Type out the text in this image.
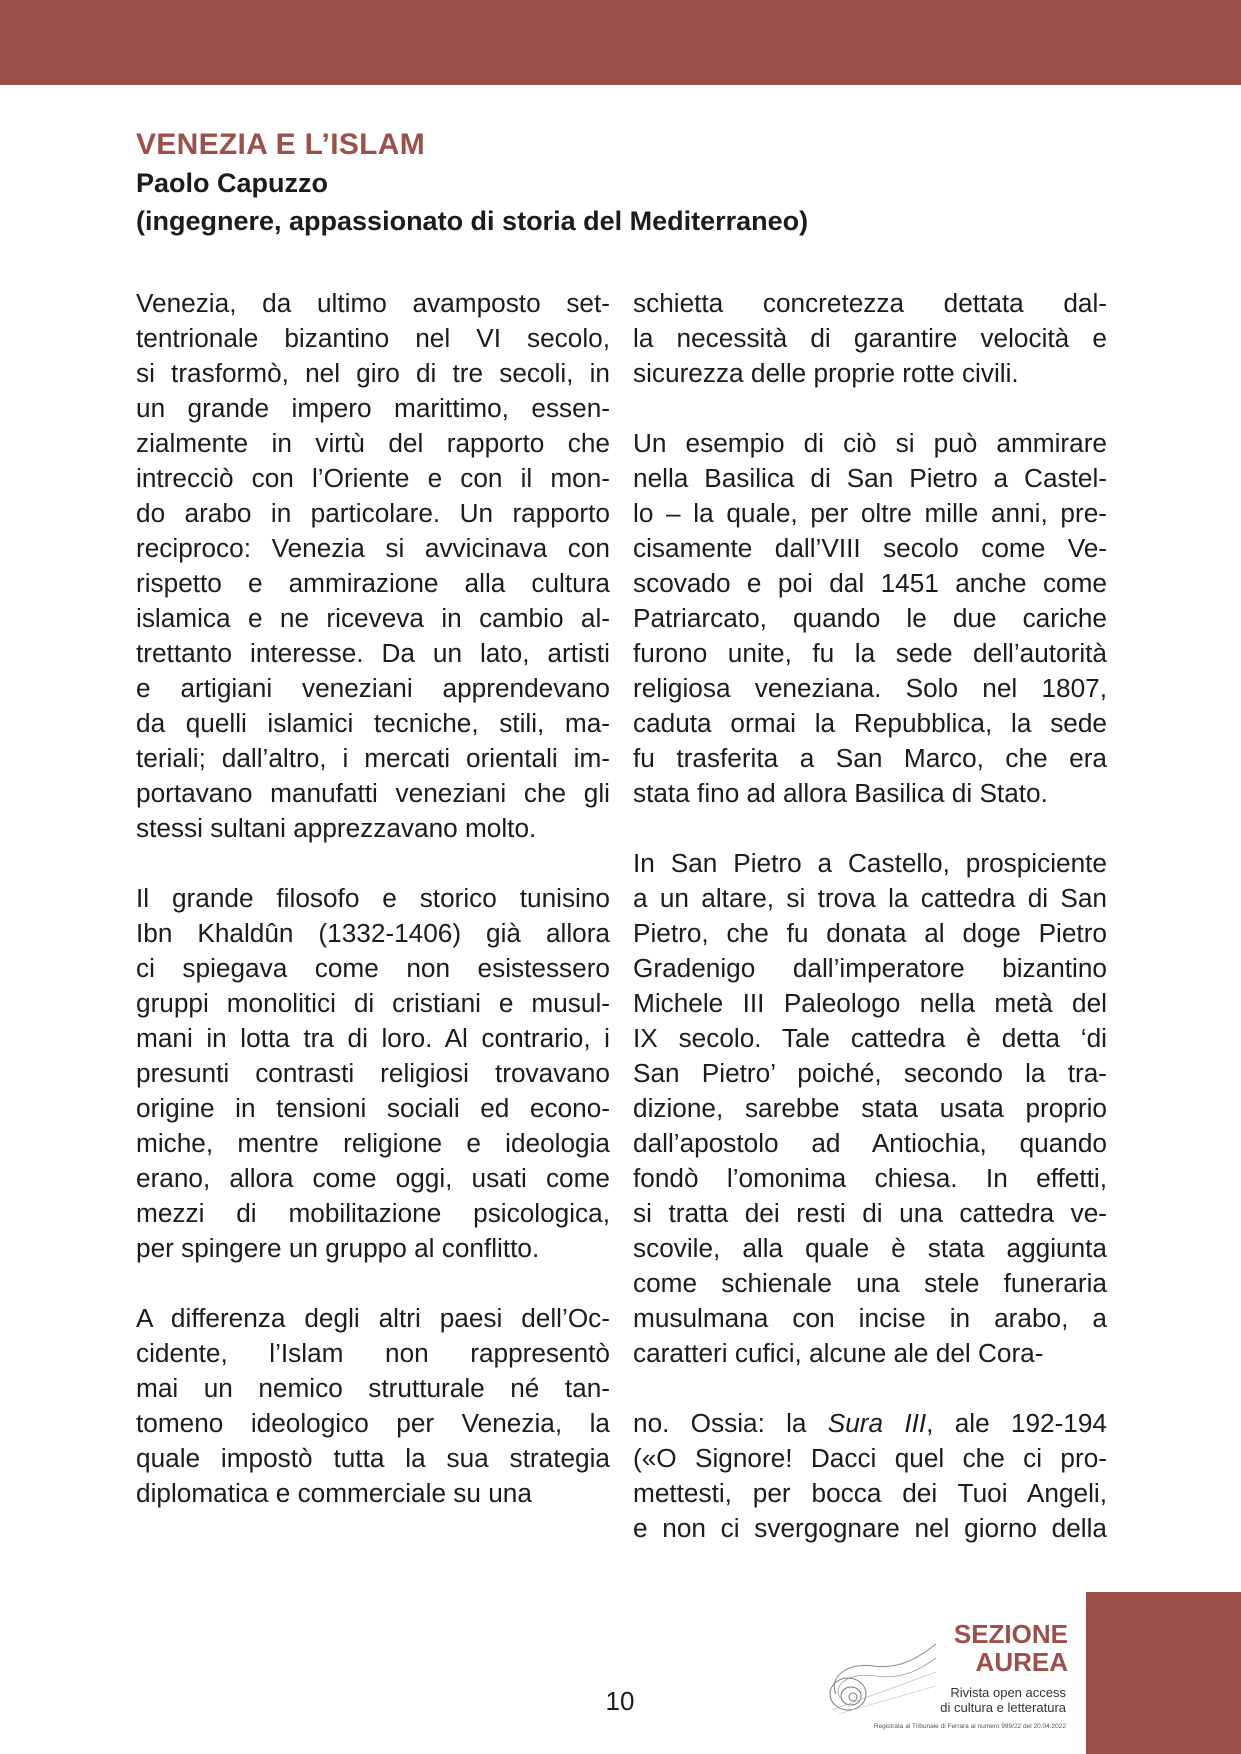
VENEZIA E L’ISLAM

Paolo Capuzzo

(ingegnere, appassionato di storia del Mediterraneo)

Venezia, da ultimo avamposto set-
tentrionale bizantino nel VI secolo,
si trasformò, nel giro di tre secoli, in
un grande impero marittimo, essen-
zialmente in virtù del rapporto che
intrecciò con l’Oriente e con il mon-
do arabo in particolare. Un rapporto
reciproco: Venezia si avvicinava con
rispetto e ammirazione alla cultura
islamica e ne riceveva in cambio al-
trettanto interesse. Da un lato, artisti
e artigiani veneziani apprendevano
da quelli islamici tecniche, stili, ma-
teriali; dall’altro, i mercati orientali im-
portavano manufatti veneziani che gli
stessi sultani apprezzavano molto.

Il grande filosofo e storico tunisino
Ibn Khaldûn (1332-1406) già allora
ci spiegava come non esistessero
gruppi monolitici di cristiani e musul-
mani in lotta tra di loro. Al contrario, i
presunti contrasti religiosi trovavano
origine in tensioni sociali ed econo-
miche, mentre religione e ideologia
erano, allora come oggi, usati come
mezzi di mobilitazione psicologica,
per spingere un gruppo al conflitto.

A differenza degli altri paesi dell’Oc-
cidente, l’Islam non rappresentò
mai un nemico strutturale né tan-
tomeno ideologico per Venezia, la
quale impostò tutta la sua strategia
diplomatica e commerciale su una

schietta concretezza dettata dal-
la necessità di garantire velocità e
sicurezza delle proprie rotte civili.

Un esempio di ciò si può ammirare
nella Basilica di San Pietro a Castel-
lo – la quale, per oltre mille anni, pre-
cisamente dall’VIII secolo come Ve-
scovado e poi dal 1451 anche come
Patriarcato, quando le due cariche
furono unite, fu la sede dell’autorità
religiosa veneziana. Solo nel 1807,
caduta ormai la Repubblica, la sede
fu trasferita a San Marco, che era
stata fino ad allora Basilica di Stato.

In San Pietro a Castello, prospiciente
a un altare, si trova la cattedra di San
Pietro, che fu donata al doge Pietro
Gradenigo dall’imperatore bizantino
Michele III Paleologo nella metà del
IX secolo. Tale cattedra è detta ‘di
San Pietro’ poiché, secondo la tra-
dizione, sarebbe stata usata proprio
dall’apostolo ad Antiochia, quando
fondò l’omonima chiesa. In effetti,
si tratta dei resti di una cattedra ve-
scovile, alla quale è stata aggiunta
come schienale una stele funeraria
musulmana con incise in arabo, a
caratteri cufici, alcune ale del Cora-

no. Ossia: la Sura III, ale 192-194
(«O Signore! Dacci quel che ci pro-
mettesti, per bocca dei Tuoi Angeli,
e non ci svergognare nel giorno della

10
SEZIONE
AUREA
Rivista open access
di cultura e letteratura
Registrata al Tribunale di Ferrara al numero 999/22 del 20.04.2022
